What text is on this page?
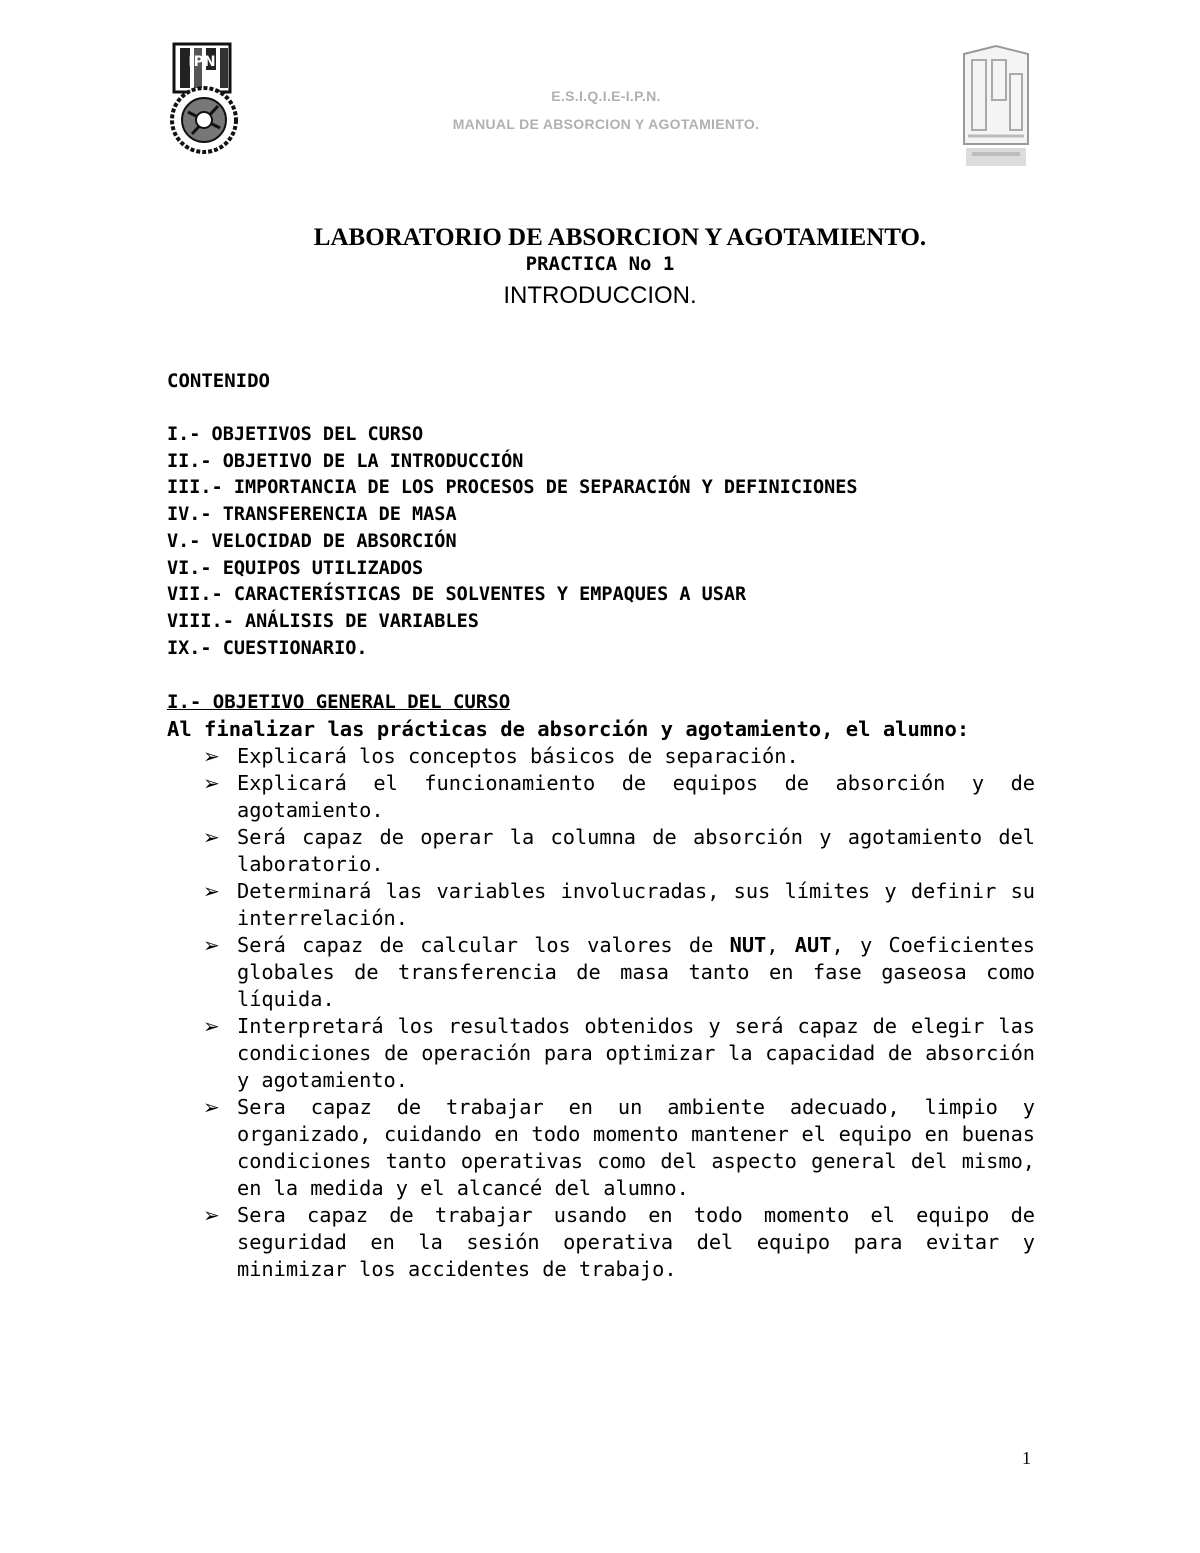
IPN
E.S.I.Q.I.E-I.P.N.
MANUAL DE ABSORCION Y AGOTAMIENTO.
LABORATORIO DE ABSORCION Y AGOTAMIENTO.
PRACTICA No 1
INTRODUCCION.

CONTENIDO

I.- OBJETIVOS DEL CURSO
II.- OBJETIVO DE LA INTRODUCCIÓN
III.- IMPORTANCIA DE LOS PROCESOS DE SEPARACIÓN Y DEFINICIONES
IV.- TRANSFERENCIA DE MASA
V.- VELOCIDAD DE ABSORCIÓN
VI.- EQUIPOS UTILIZADOS
VII.- CARACTERÍSTICAS DE SOLVENTES Y EMPAQUES A USAR
VIII.- ANÁLISIS DE VARIABLES
IX.- CUESTIONARIO.

I.- OBJETIVO GENERAL DEL CURSO

Al finalizar las prácticas de absorción y agotamiento, el alumno:

➢ Explicará los conceptos básicos de separación.
➢ Explicará el funcionamiento de equipos de absorción y de agotamiento.
➢ Será capaz de operar la columna de absorción y agotamiento del laboratorio.
➢ Determinará las variables involucradas, sus límites y definir su interrelación.
➢ Será capaz de calcular los valores de NUT, AUT, y Coeficientes globales de transferencia de masa tanto en fase gaseosa como líquida.
➢ Interpretará los resultados obtenidos y será capaz de elegir las condiciones de operación para optimizar la capacidad de absorción y agotamiento.
➢ Sera capaz de trabajar en un ambiente adecuado, limpio y organizado, cuidando en todo momento mantener el equipo en buenas condiciones tanto operativas como del aspecto general del mismo, en la medida y el alcancé del alumno.
➢ Sera capaz de trabajar usando en todo momento el equipo de seguridad en la sesión operativa del equipo para evitar y minimizar los accidentes de trabajo.
1
